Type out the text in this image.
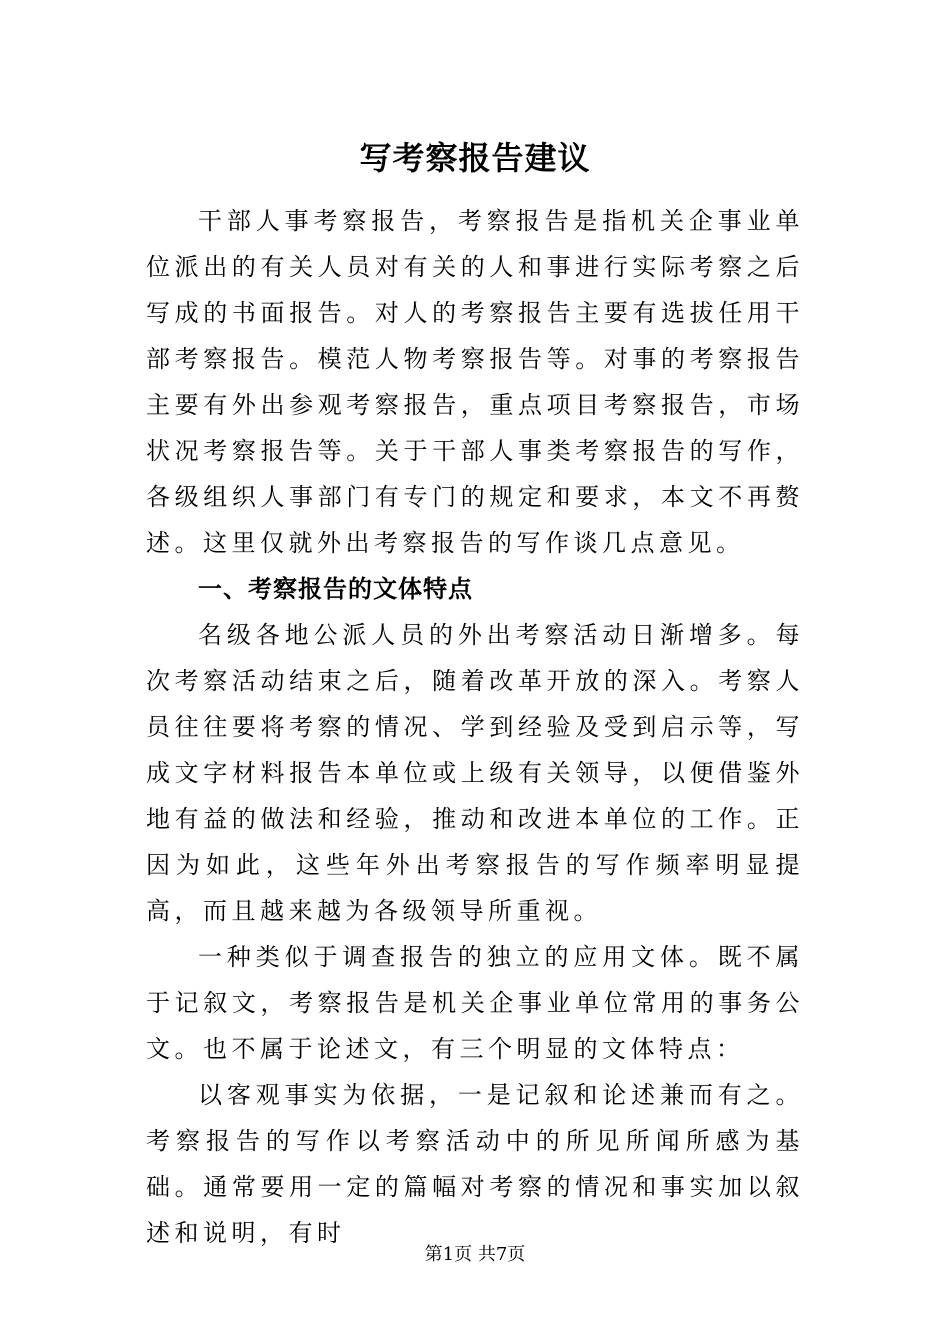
写考察报告建议

干部人事考察报告，考察报告是指机关企事业单位派出的有关人员对有关的人和事进行实际考察之后写成的书面报告。对人的考察报告主要有选拔任用干部考察报告。模范人物考察报告等。对事的考察报告主要有外出参观考察报告，重点项目考察报告，市场状况考察报告等。关于干部人事类考察报告的写作，各级组织人事部门有专门的规定和要求，本文不再赘述。这里仅就外出考察报告的写作谈几点意见。

一、考察报告的文体特点

名级各地公派人员的外出考察活动日渐增多。每次考察活动结束之后，随着改革开放的深入。考察人员往往要将考察的情况、学到经验及受到启示等，写成文字材料报告本单位或上级有关领导，以便借鉴外地有益的做法和经验，推动和改进本单位的工作。正因为如此，这些年外出考察报告的写作频率明显提高，而且越来越为各级领导所重视。

一种类似于调查报告的独立的应用文体。既不属于记叙文，考察报告是机关企事业单位常用的事务公文。也不属于论述文，有三个明显的文体特点：

以客观事实为依据，一是记叙和论述兼而有之。考察报告的写作以考察活动中的所见所闻所感为基础。通常要用一定的篇幅对考察的情况和事实加以叙述和说明，有时

第1页 共7页
